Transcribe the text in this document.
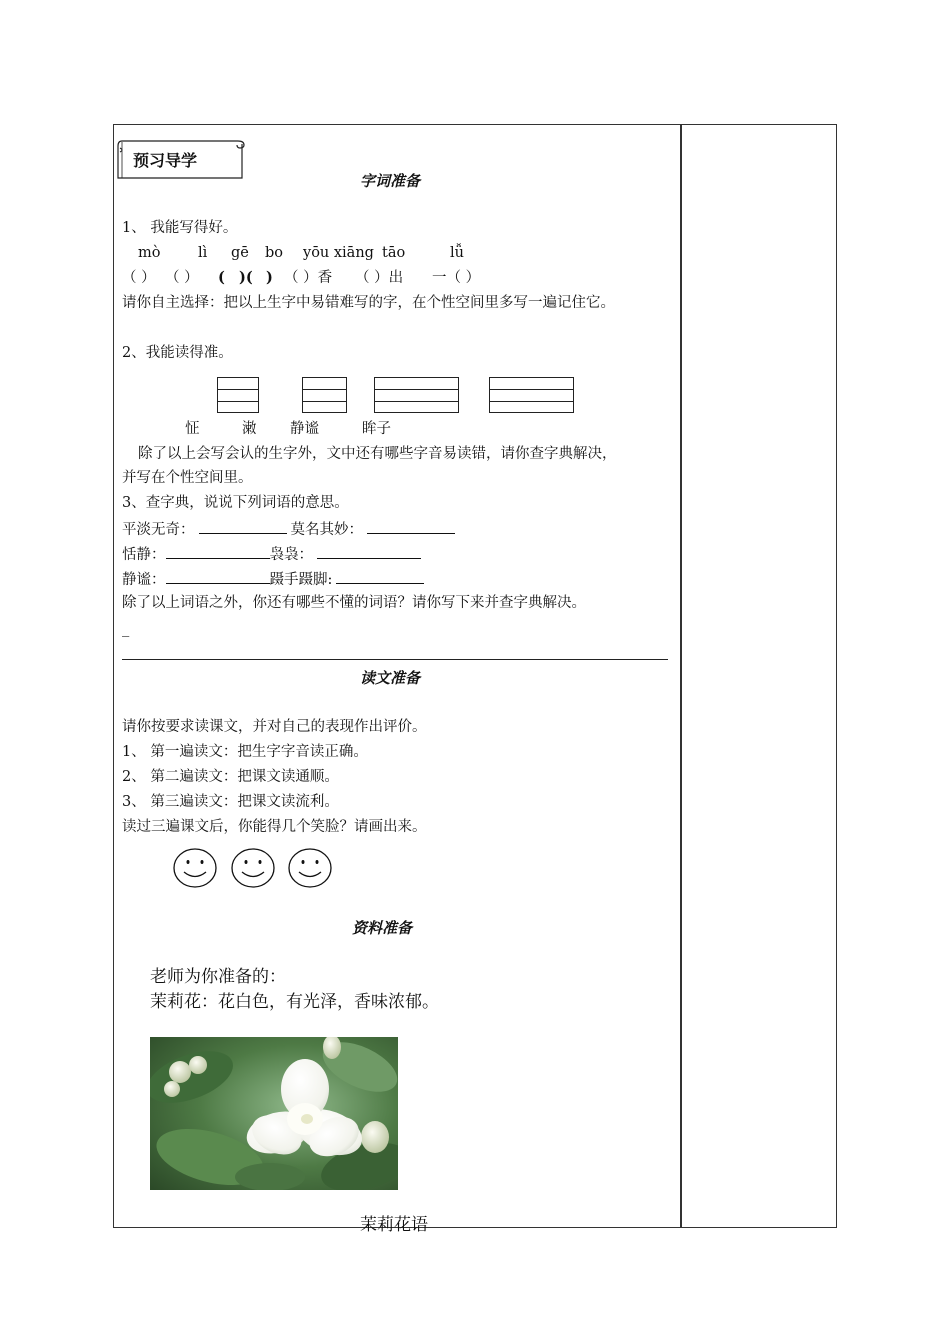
预习导学
字词准备
1、 我能写得好。
mò	lì gē bo yōu xiāng tāo	lǚ
（ ） （ ） ( )( ) （ ）香 （ ）出 一（ ）
请你自主选择：把以上生字中易错难写的字，在个性空间里多写一遍记住它。
2、我能读得准。
怔	潄 静谧	眸子
除了以上会写会认的生字外，文中还有哪些字音易读错，请你查字典解决，
并写在个性空间里。
3、查字典，说说下列词语的意思。
平淡无奇：	莫名其妙：
恬静：	袅袅：
静谧：	蹑手蹑脚:
除了以上词语之外，你还有哪些不懂的词语？请你写下来并查字典解决。
_
读文准备
请你按要求读课文，并对自己的表现作出评价。
1、 第一遍读文：把生字字音读正确。
2、 第二遍读文：把课文读通顺。
3、 第三遍读文：把课文读流利。
读过三遍课文后，你能得几个笑脸？请画出来。
资料准备
老师为你准备的：
茉莉花：花白色，有光泽，香味浓郁。
茉莉花语
